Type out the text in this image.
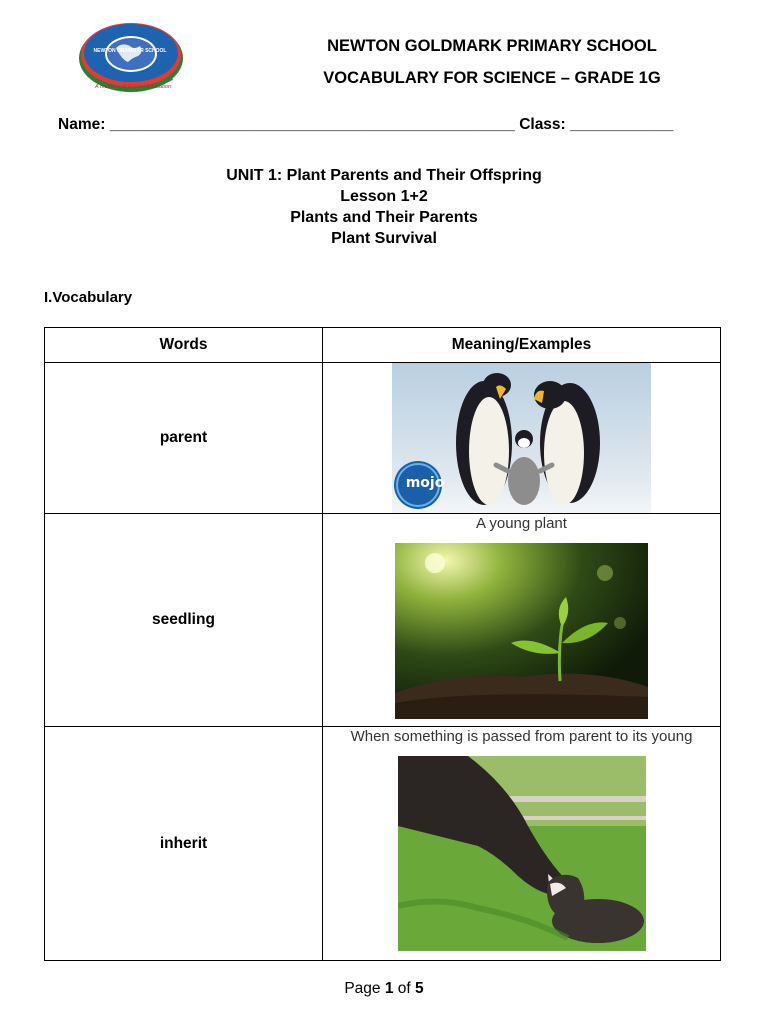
NEWTON GRAMMAR SCHOOL
A member of Equest Education
NEWTON GOLDMARK PRIMARY SCHOOL
VOCABULARY FOR SCIENCE – GRADE 1G
Name: _______________________________________________ Class: ____________
UNIT 1: Plant Parents and Their Offspring
Lesson 1+2
Plants and Their Parents
Plant Survival
I.Vocabulary
Words	Meaning/Examples
parent	mojo

seedling	A young plant

inherit	When something is passed from parent to its young
Page 1 of 5
